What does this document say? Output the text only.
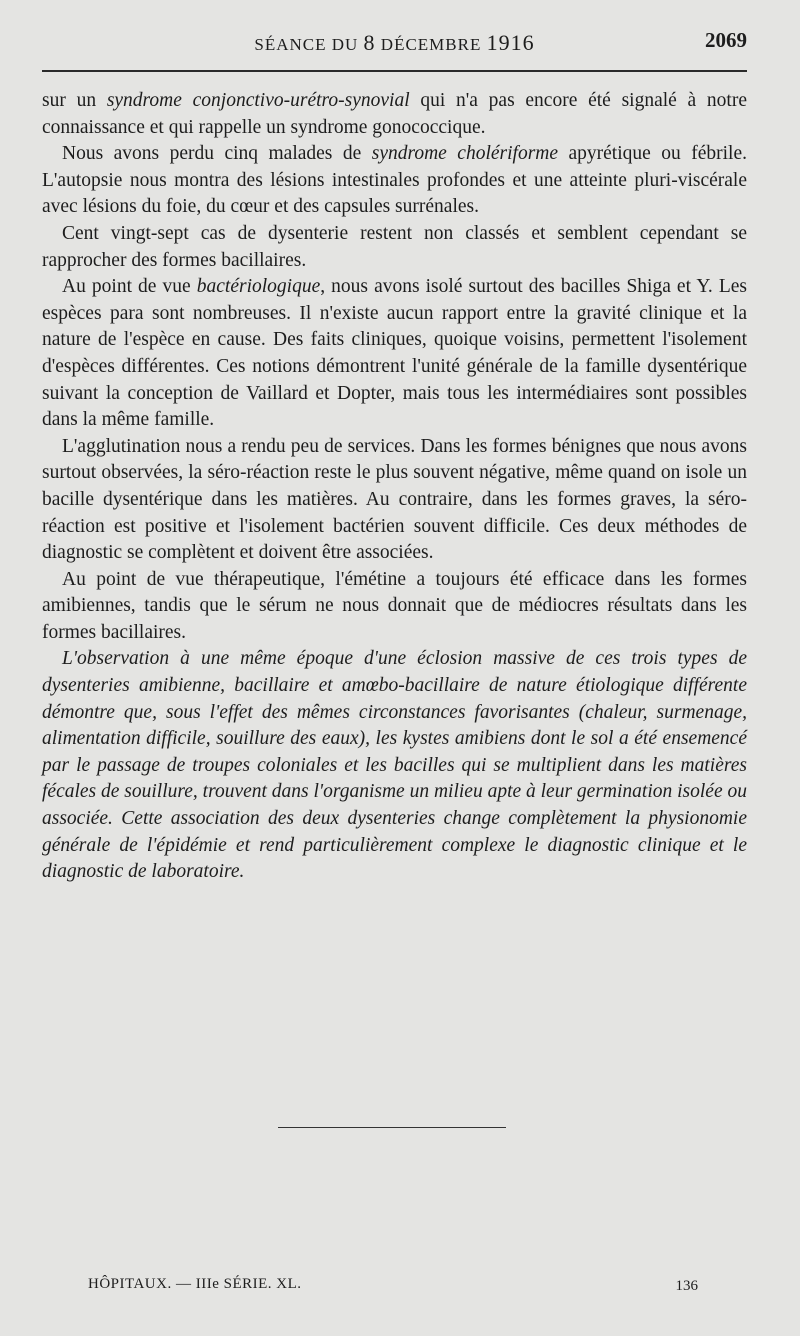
SÉANCE DU 8 DÉCEMBRE 1916	2069

sur un syndrome conjonctivo-urétro-synovial qui n'a pas encore été signalé à notre connaissance et qui rappelle un syndrome gonococcique.

Nous avons perdu cinq malades de syndrome cholériforme apyrétique ou fébrile. L'autopsie nous montra des lésions intestinales profondes et une atteinte pluri-viscérale avec lésions du foie, du cœur et des capsules surrénales.

Cent vingt-sept cas de dysenterie restent non classés et semblent cependant se rapprocher des formes bacillaires.

Au point de vue bactériologique, nous avons isolé surtout des bacilles Shiga et Y. Les espèces para sont nombreuses. Il n'existe aucun rapport entre la gravité clinique et la nature de l'espèce en cause. Des faits cliniques, quoique voisins, permettent l'isolement d'espèces différentes. Ces notions démontrent l'unité générale de la famille dysentérique suivant la conception de Vaillard et Dopter, mais tous les intermédiaires sont possibles dans la même famille.

L'agglutination nous a rendu peu de services. Dans les formes bénignes que nous avons surtout observées, la séro-réaction reste le plus souvent négative, même quand on isole un bacille dysentérique dans les matières. Au contraire, dans les formes graves, la séro-réaction est positive et l'isolement bactérien souvent difficile. Ces deux méthodes de diagnostic se complètent et doivent être associées.

Au point de vue thérapeutique, l'émétine a toujours été efficace dans les formes amibiennes, tandis que le sérum ne nous donnait que de médiocres résultats dans les formes bacillaires.

L'observation à une même époque d'une éclosion massive de ces trois types de dysenteries amibienne, bacillaire et amœbo-bacillaire de nature étiologique différente démontre que, sous l'effet des mêmes circonstances favorisantes (chaleur, surmenage, alimentation difficile, souillure des eaux), les kystes amibiens dont le sol a été ensemencé par le passage de troupes coloniales et les bacilles qui se multiplient dans les matières fécales de souillure, trouvent dans l'organisme un milieu apte à leur germination isolée ou associée. Cette association des deux dysenteries change complètement la physionomie générale de l'épidémie et rend particulièrement complexe le diagnostic clinique et le diagnostic de laboratoire.

HÔPITAUX. — IIIe SÉRIE. XL.	136
